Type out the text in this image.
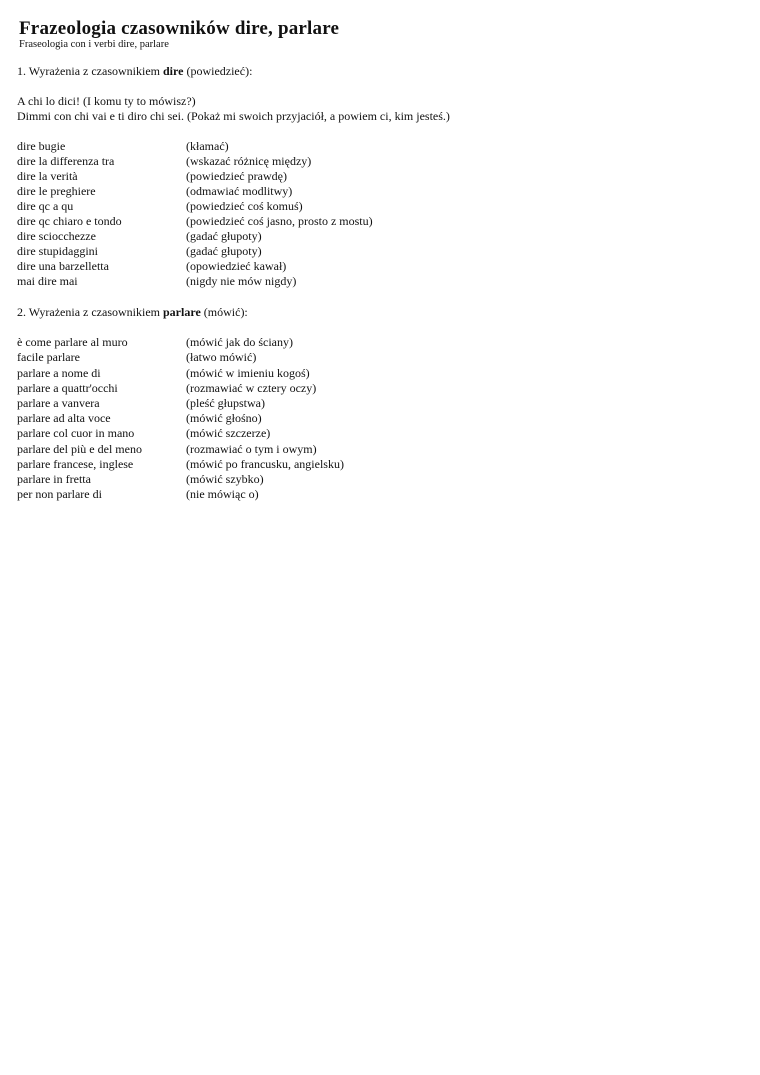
Frazeologia czasowników dire, parlare
Fraseologia con i verbi dire, parlare
1. Wyrażenia z czasownikiem dire (powiedzieć):
A chi lo dici! (I komu ty to mówisz?)
Dimmi con chi vai e ti diro chi sei. (Pokaż mi swoich przyjaciół, a powiem ci, kim jesteś.)
dire bugie	(kłamać)
dire la differenza tra	(wskazać różnicę między)
dire la verità	(powiedzieć prawdę)
dire le preghiere	(odmawiać modlitwy)
dire qc a qu	(powiedzieć coś komuś)
dire qc chiaro e tondo	(powiedzieć coś jasno, prosto z mostu)
dire sciocchezze	(gadać głupoty)
dire stupidaggini	(gadać głupoty)
dire una barzelletta	(opowiedzieć kawał)
mai dire mai	(nigdy nie mów nigdy)
2. Wyrażenia z czasownikiem parlare (mówić):
è come parlare al muro	(mówić jak do ściany)
facile parlare	(łatwo mówić)
parlare a nome di	(mówić w imieniu kogoś)
parlare a quattr'occhi	(rozmawiać w cztery oczy)
parlare a vanvera	(pleść głupstwa)
parlare ad alta voce	(mówić głośno)
parlare col cuor in mano	(mówić szczerze)
parlare del più e del meno	(rozmawiać o tym i owym)
parlare francese, inglese	(mówić po francusku, angielsku)
parlare in fretta	(mówić szybko)
per non parlare di	(nie mówiąc o)
